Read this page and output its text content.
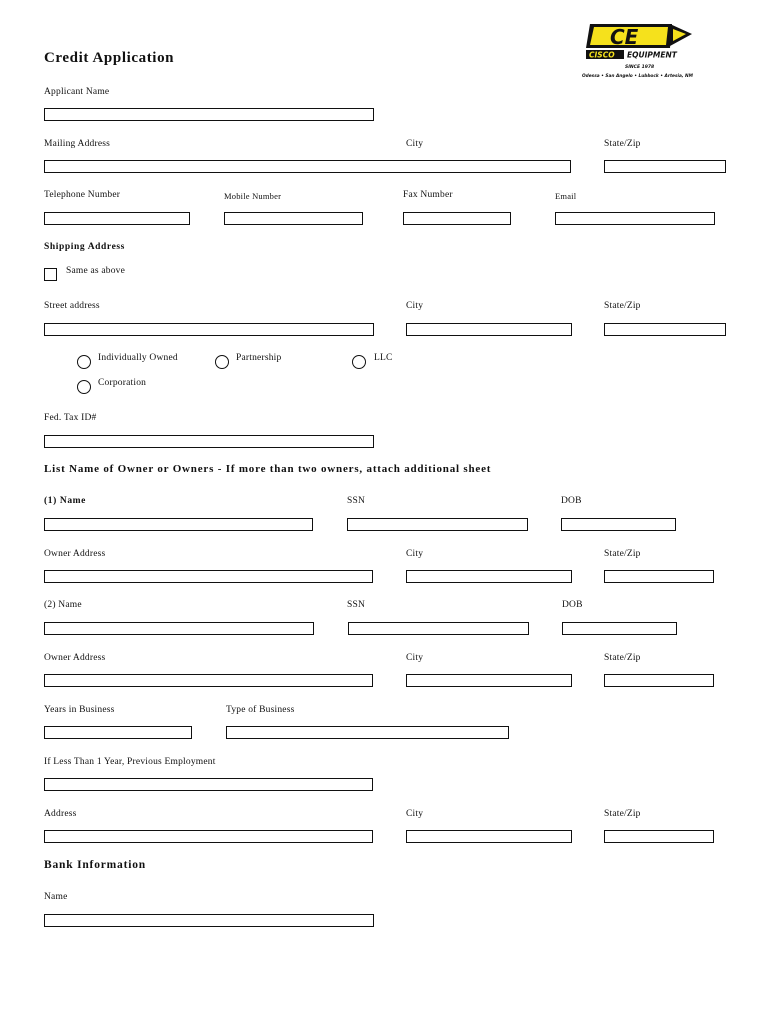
CE
CISCO EQUIPMENT
SINCE 1978
Odessa • San Angelo • Lubbock • Artesia, NM
Credit Application
Applicant Name
Mailing Address	City	State/Zip
Telephone Number	Mobile Number	Fax Number	Email
Shipping Address
Same as above
Street address	City	State/Zip
Individually Owned	Partnership	LLC
Corporation
Fed. Tax ID#
List Name of Owner or Owners - If more than two owners, attach additional sheet
(1) Name	SSN	DOB
Owner Address	City	State/Zip
(2) Name	SSN	DOB
Owner Address	City	State/Zip
Years in Business	Type of Business
If Less Than 1 Year, Previous Employment
Address	City	State/Zip
Bank Information
Name
